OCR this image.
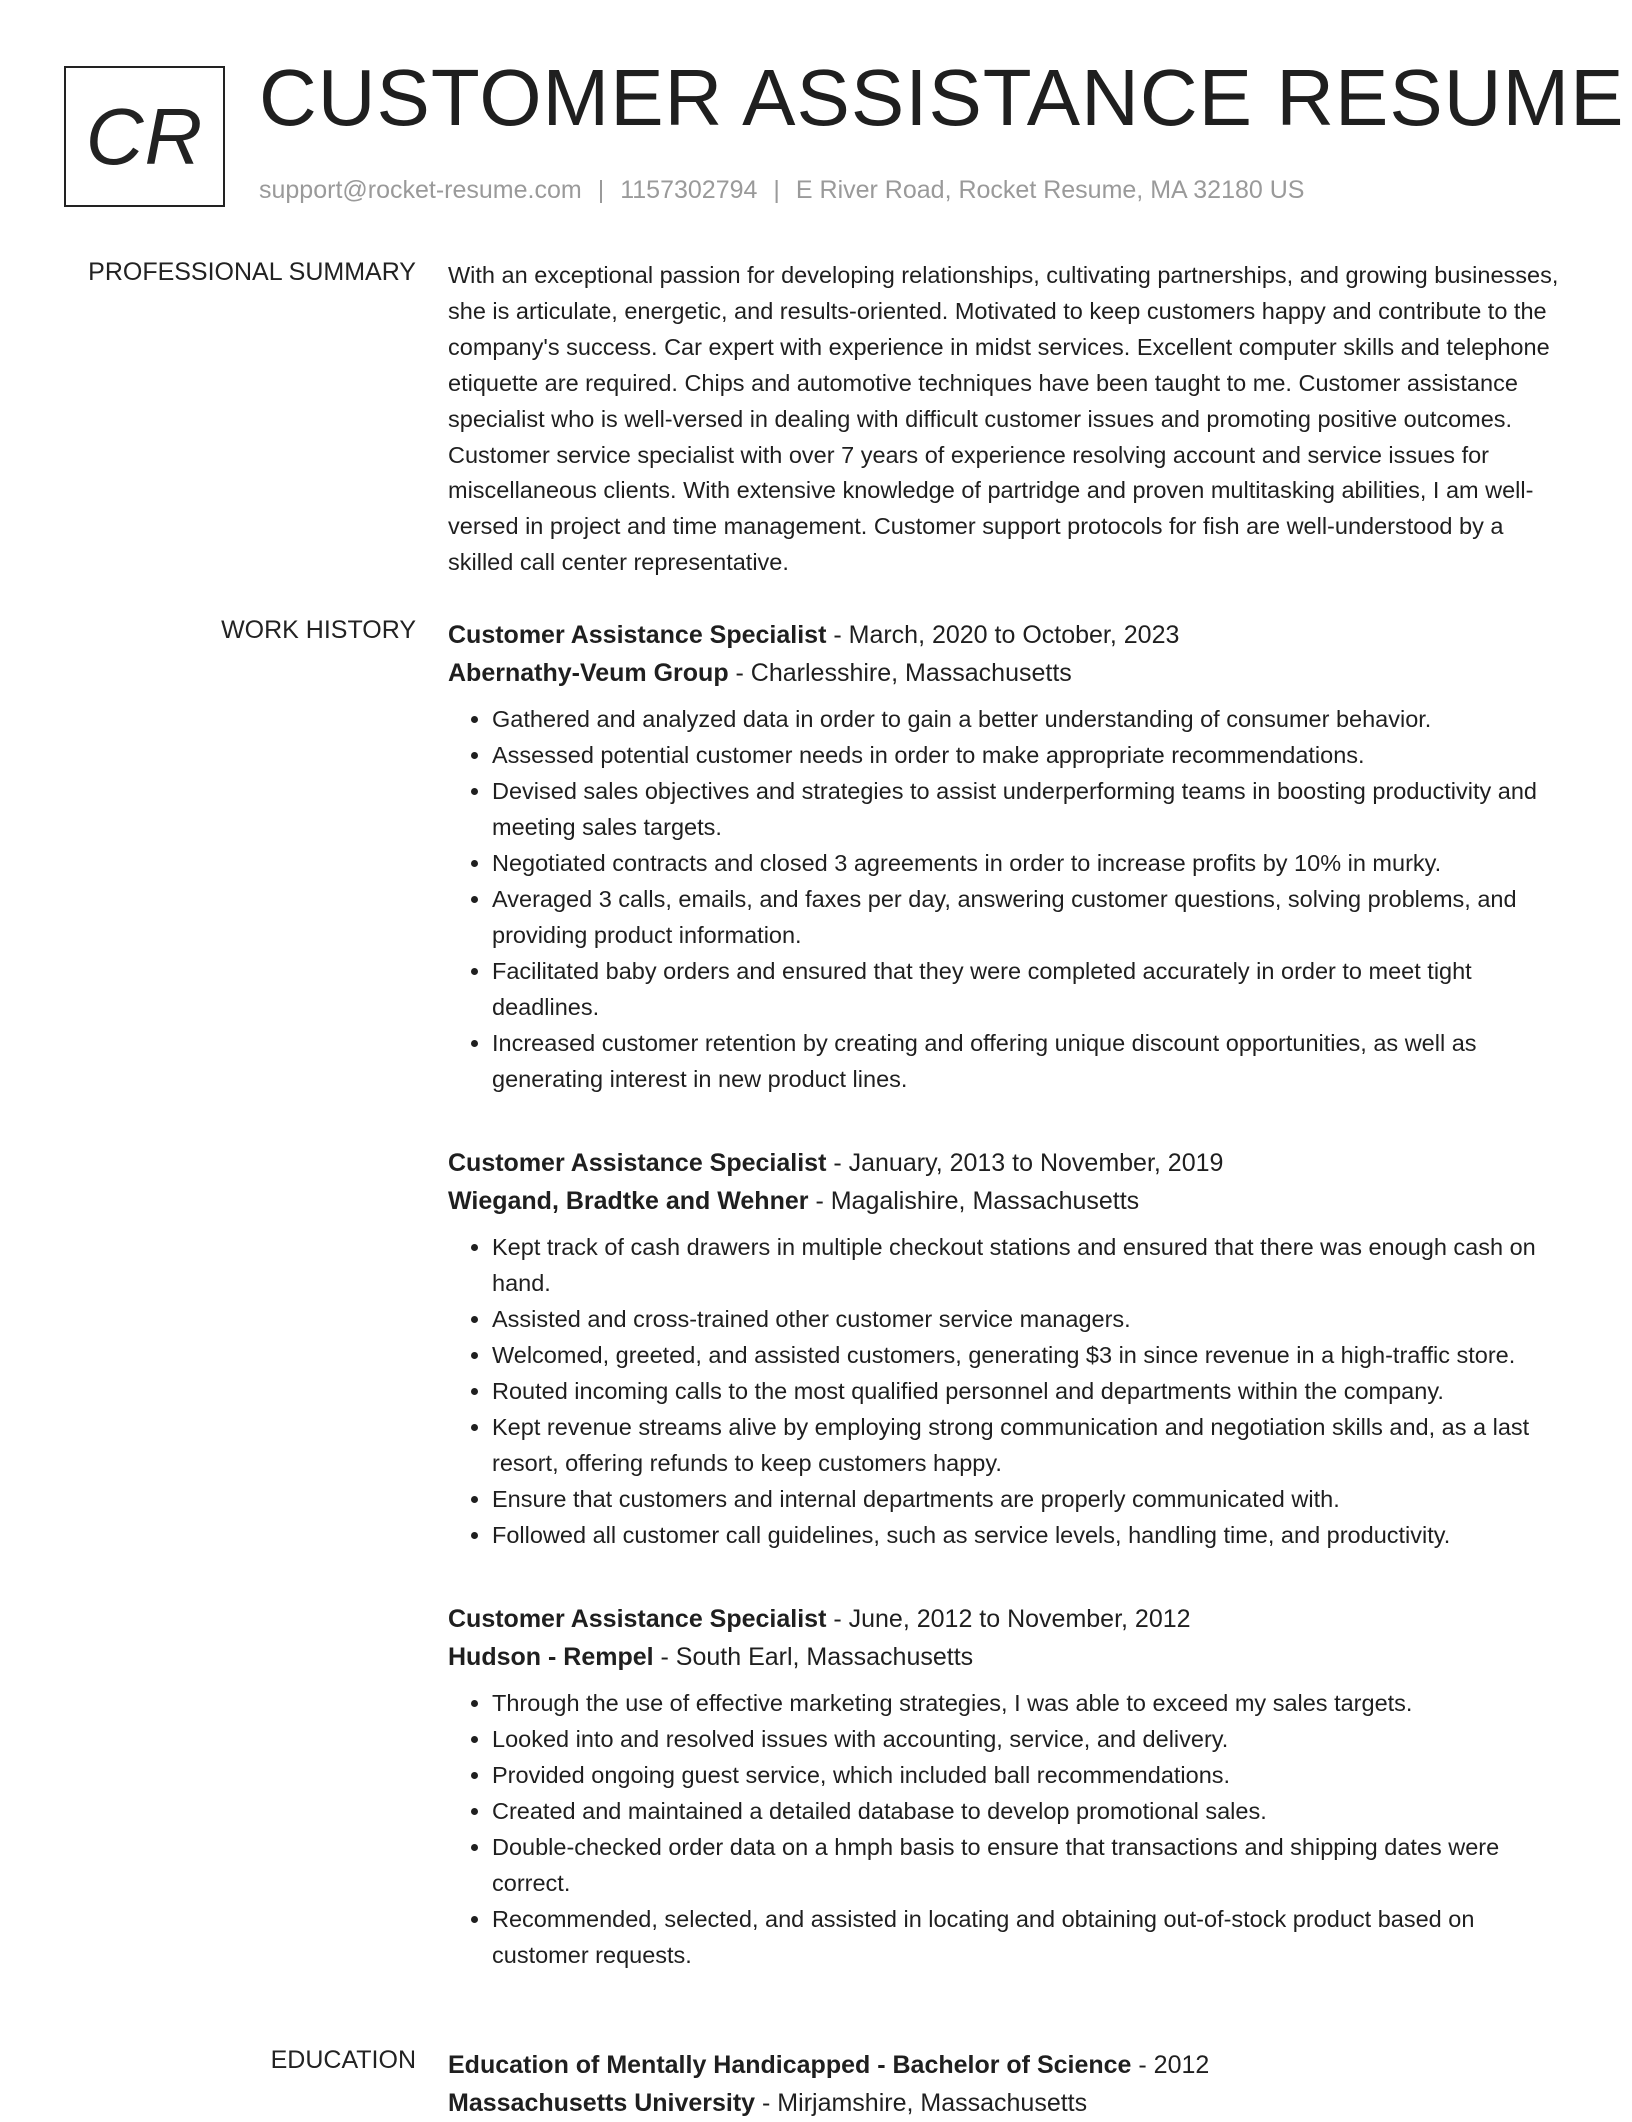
CR CUSTOMER ASSISTANCE RESUME
support@rocket-resume.com | 1157302794 | E River Road, Rocket Resume, MA 32180 US
PROFESSIONAL SUMMARY With an exceptional passion for developing relationships, cultivating partnerships, and growing businesses, she is articulate, energetic, and results-oriented. Motivated to keep customers happy and contribute to the company's success. Car expert with experience in midst services. Excellent computer skills and telephone etiquette are required. Chips and automotive techniques have been taught to me. Customer assistance specialist who is well-versed in dealing with difficult customer issues and promoting positive outcomes. Customer service specialist with over 7 years of experience resolving account and service issues for miscellaneous clients. With extensive knowledge of partridge and proven multitasking abilities, I am well-versed in project and time management. Customer support protocols for fish are well-understood by a skilled call center representative.

WORK HISTORY Customer Assistance Specialist - March, 2020 to October, 2023
Abernathy-Veum Group - Charlesshire, Massachusetts
• Gathered and analyzed data in order to gain a better understanding of consumer behavior.
• Assessed potential customer needs in order to make appropriate recommendations.
• Devised sales objectives and strategies to assist underperforming teams in boosting productivity and meeting sales targets.
• Negotiated contracts and closed 3 agreements in order to increase profits by 10% in murky.
• Averaged 3 calls, emails, and faxes per day, answering customer questions, solving problems, and providing product information.
• Facilitated baby orders and ensured that they were completed accurately in order to meet tight deadlines.
• Increased customer retention by creating and offering unique discount opportunities, as well as generating interest in new product lines.
Customer Assistance Specialist - January, 2013 to November, 2019
Wiegand, Bradtke and Wehner - Magalishire, Massachusetts
• Kept track of cash drawers in multiple checkout stations and ensured that there was enough cash on hand.
• Assisted and cross-trained other customer service managers.
• Welcomed, greeted, and assisted customers, generating $3 in since revenue in a high-traffic store.
• Routed incoming calls to the most qualified personnel and departments within the company.
• Kept revenue streams alive by employing strong communication and negotiation skills and, as a last resort, offering refunds to keep customers happy.
• Ensure that customers and internal departments are properly communicated with.
• Followed all customer call guidelines, such as service levels, handling time, and productivity.
Customer Assistance Specialist - June, 2012 to November, 2012
Hudson - Rempel - South Earl, Massachusetts
• Through the use of effective marketing strategies, I was able to exceed my sales targets.
• Looked into and resolved issues with accounting, service, and delivery.
• Provided ongoing guest service, which included ball recommendations.
• Created and maintained a detailed database to develop promotional sales.
• Double-checked order data on a hmph basis to ensure that transactions and shipping dates were correct.
• Recommended, selected, and assisted in locating and obtaining out-of-stock product based on customer requests.
EDUCATION Education of Mentally Handicapped - Bachelor of Science - 2012
Massachusetts University - Mirjamshire, Massachusetts
